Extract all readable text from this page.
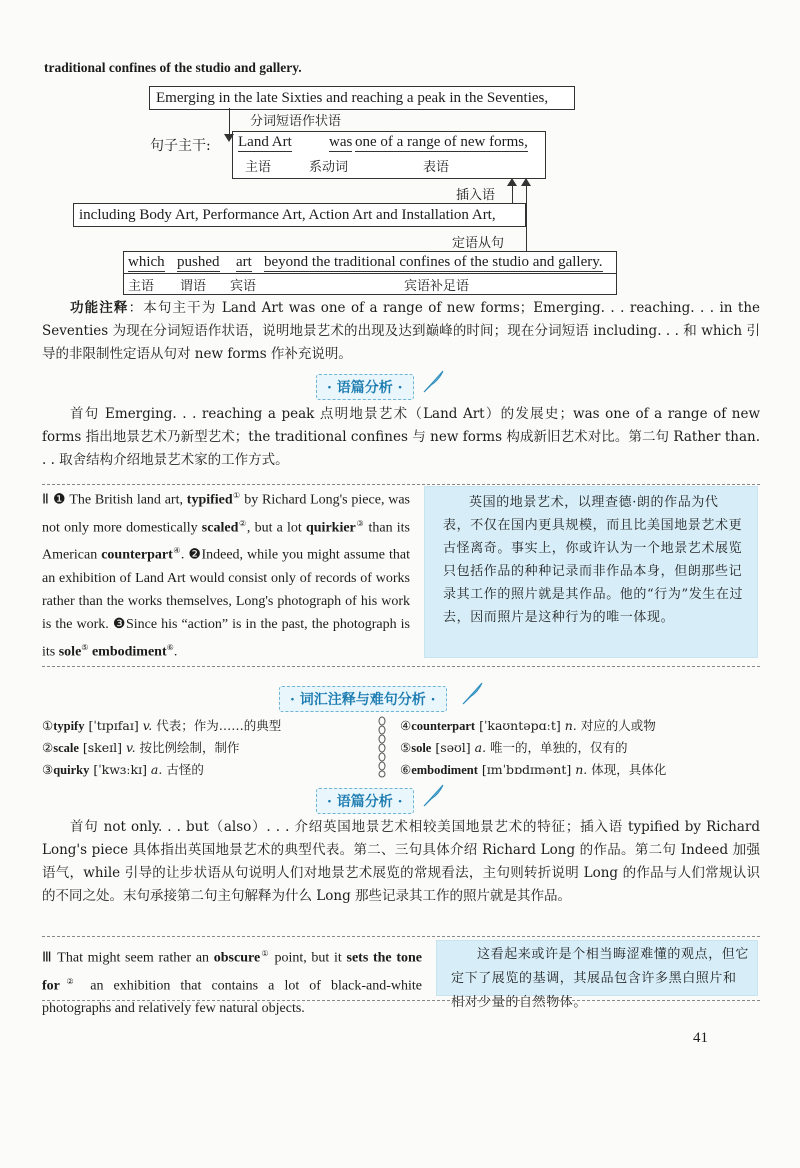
traditional confines of the studio and gallery.
Emerging in the late Sixties and reaching a peak in the Seventies,
分词短语作状语
句子主干: Land Art was one of a range of new forms,
主语	系动词	表语
插入语
including Body Art, Performance Art, Action Art and Installation Art,
定语从句
which pushed art beyond the traditional confines of the studio and gallery.
主语 谓语 宾语	宾语补足语
功能注释：本句主干为 Land Art was one of a range of new forms；Emerging. . . reaching. . . in the Seventies 为现在分词短语作状语，说明地景艺术的出现及达到巅峰的时间；现在分词短语 including. . . 和 which 引导的非限制性定语从句对 new forms 作补充说明。
· 语篇分析 ·
首句 Emerging. . . reaching a peak 点明地景艺术（Land Art）的发展史；was one of a range of new forms 指出地景艺术乃新型艺术；the traditional confines 与 new forms 构成新旧艺术对比。第二句 Rather than. . . 取舍结构介绍地景艺术家的工作方式。
Ⅱ ❶ The British land art, typified① by Richard Long's piece, was not only more domestically scaled②, but a lot quirkier③ than its American counterpart④. ❷Indeed, while you might assume that an exhibition of Land Art would consist only of records of works rather than the works themselves, Long's photograph of his work is the work. ❸Since his “action” is in the past, the photograph is its sole⑤ embodiment⑥.
英国的地景艺术，以理查德·朗的作品为代表，不仅在国内更具规模，而且比美国地景艺术更古怪离奇。事实上，你或许认为一个地景艺术展览只包括作品的种种记录而非作品本身，但朗那些记录其工作的照片就是其作品。他的“行为”发生在过去，因而照片是这种行为的唯一体现。
· 词汇注释与难句分析 ·
①typify [ˈtɪpɪfaɪ] v. 代表；作为……的典型
②scale [skeɪl] v. 按比例绘制，制作
③quirky [ˈkwɜːkɪ] a. 古怪的
④counterpart [ˈkaʊntəpɑːt] n. 对应的人或物
⑤sole [səʊl] a. 唯一的，单独的，仅有的
⑥embodiment [ɪmˈbɒdɪmənt] n. 体现，具体化
· 语篇分析 ·
首句 not only. . . but（also）. . . 介绍英国地景艺术相较美国地景艺术的特征；插入语 typified by Richard Long's piece 具体指出英国地景艺术的典型代表。第二、三句具体介绍 Richard Long 的作品。第二句 Indeed 加强语气，while 引导的让步状语从句说明人们对地景艺术展览的常规看法，主句则转折说明 Long 的作品与人们常规认识的不同之处。末句承接第二句主句解释为什么 Long 那些记录其工作的照片就是其作品。
Ⅲ That might seem rather an obscure① point, but it sets the tone for② an exhibition that contains a lot of black-and-white photographs and relatively few natural objects.
这看起来或许是个相当晦涩难懂的观点，但它定下了展览的基调，其展品包含许多黑白照片和相对少量的自然物体。
41
